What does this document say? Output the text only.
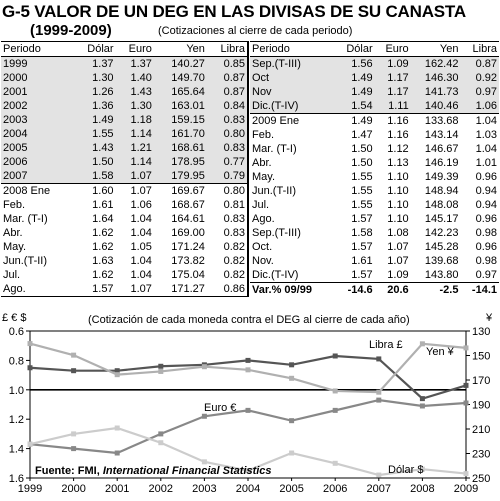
G-5 VALOR DE UN DEG EN LAS DIVISAS DE SU CANASTA
(1999-2009)	(Cotizaciones al cierre de cada periodo)
Periodo	Dólar	Euro	Yen	Libra
1999	1.37	1.37	140.27	0.85
2000	1.30	1.40	149.70	0.87
2001	1.26	1.43	165.64	0.87
2002	1.36	1.30	163.01	0.84
2003	1.49	1.18	159.15	0.83
2004	1.55	1.14	161.70	0.80
2005	1.43	1.21	168.61	0.83
2006	1.50	1.14	178.95	0.77
2007	1.58	1.07	179.95	0.79
2008 Ene	1.60	1.07	169.67	0.80
Feb.	1.61	1.06	168.67	0.81
Mar. (T-I)	1.64	1.04	164.61	0.83
Abr.	1.62	1.04	169.00	0.83
May.	1.62	1.05	171.24	0.82
Jun.(T-II)	1.63	1.04	173.82	0.82
Jul.	1.62	1.04	175.04	0.82
Ago.	1.57	1.07	171.27	0.86
Periodo	Dólar	Euro	Yen	Libra
Sep.(T-III)	1.56	1.09	162.42	0.87
Oct	1.49	1.17	146.30	0.92
Nov	1.49	1.17	141.73	0.97
Dic.(T-IV)	1.54	1.11	140.46	1.06
2009 Ene	1.49	1.16	133.68	1.04
Feb.	1.47	1.16	143.14	1.03
Mar. (T-I)	1.50	1.12	146.67	1.04
Abr.	1.50	1.13	146.19	1.01
May.	1.55	1.10	149.39	0.96
Jun.(T-II)	1.55	1.10	148.94	0.94
Jul.	1.55	1.10	148.08	0.94
Ago.	1.57	1.10	145.17	0.96
Sep.(T-III)	1.58	1.08	142.23	0.98
Oct.	1.57	1.07	145.28	0.96
Nov.	1.61	1.07	139.68	0.98
Dic.(T-IV)	1.57	1.09	143.80	0.97
Var.% 09/99	-14.6	20.6	-2.5	-14.1
£ € $	¥
(Cotización de cada moneda contra el DEG al cierre de cada año)
0.6
0.8
1.0
1.2
1.4
1.6
130
150
170
190
210
230
250
1999 2000 2001 2002 2003 2004 2005 2006 2007 2008 2009
Libra £
Yen ¥
Euro €
Dólar $
Fuente: FMI, International Financial Statistics
